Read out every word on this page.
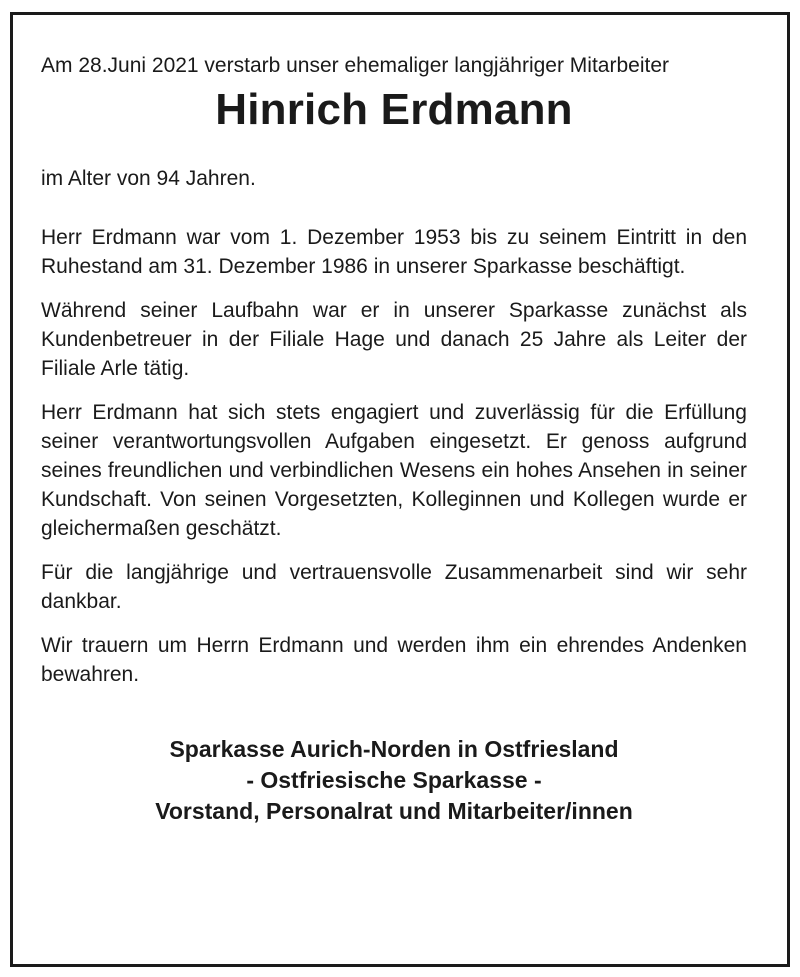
Am 28.Juni 2021 verstarb unser ehemaliger langjähriger Mitarbeiter

Hinrich Erdmann

im Alter von 94 Jahren.

Herr Erdmann war vom 1. Dezember 1953 bis zu seinem Eintritt in den Ruhestand am 31. Dezember 1986 in unserer Sparkasse beschäftigt.

Während seiner Laufbahn war er in unserer Sparkasse zunächst als Kundenbetreuer in der Filiale Hage und danach 25 Jahre als Leiter der Filiale Arle tätig.

Herr Erdmann hat sich stets engagiert und zuverlässig für die Erfüllung seiner verantwortungsvollen Aufgaben eingesetzt. Er genoss aufgrund seines freundlichen und verbindlichen Wesens ein hohes Ansehen in seiner Kundschaft. Von seinen Vorgesetzten, Kolleginnen und Kollegen wurde er gleichermaßen geschätzt.

Für die langjährige und vertrauensvolle Zusammenarbeit sind wir sehr dankbar.

Wir trauern um Herrn Erdmann und werden ihm ein ehrendes Andenken bewahren.

Sparkasse Aurich-Norden in Ostfriesland
- Ostfriesische Sparkasse -
Vorstand, Personalrat und Mitarbeiter/innen
